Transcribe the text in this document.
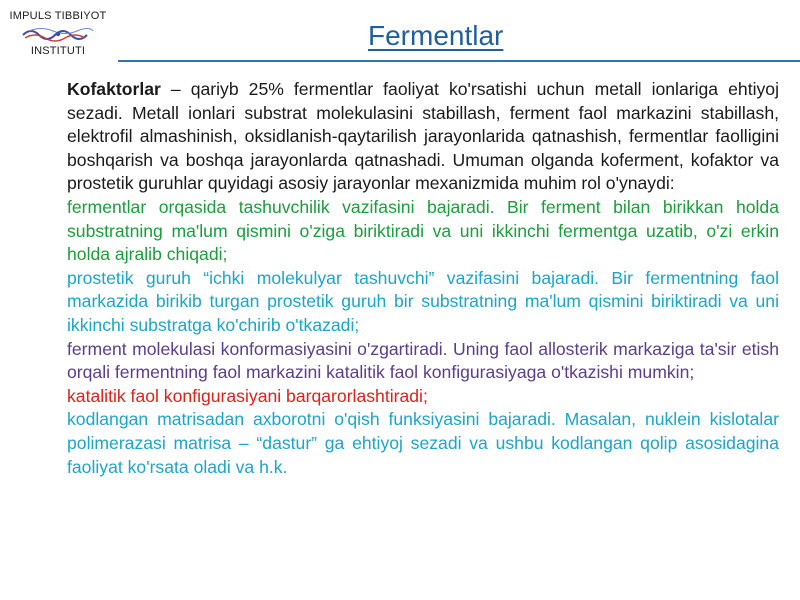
IMPULS TIBBIYOT
INSTITUTI	Fermentlar

Kofaktorlar – qariyb 25% fermentlar faoliyat ko'rsatishi uchun metall ionlariga ehtiyoj sezadi. Metall ionlari substrat molekulasini stabillash, ferment faol markazini stabillash, elektrofil almashinish, oksidlanish-qaytarilish jarayonlarida qatnashish, fermentlar faolligini boshqarish va boshqa jarayonlarda qatnashadi. Umuman olganda koferment, kofaktor va prostetik guruhlar quyidagi asosiy jarayonlar mexanizmida muhim rol o'ynaydi:

fermentlar orqasida tashuvchilik vazifasini bajaradi. Bir ferment bilan birikkan holda substratning ma'lum qismini o'ziga biriktiradi va uni ikkinchi fermentga uzatib, o'zi erkin holda ajralib chiqadi;

prostetik guruh “ichki molekulyar tashuvchi” vazifasini bajaradi. Bir fermentning faol markazida birikib turgan prostetik guruh bir substratning ma'lum qismini biriktiradi va uni ikkinchi substratga ko'chirib o'tkazadi;

ferment molekulasi konformasiyasini o'zgartiradi. Uning faol allosterik markaziga ta'sir etish orqali fermentning faol markazini katalitik faol konfigurasiyaga o'tkazishi mumkin;

katalitik faol konfigurasiyani barqarorlashtiradi;

kodlangan matrisadan axborotni o'qish funksiyasini bajaradi. Masalan, nuklein kislotalar polimerazasi matrisa – “dastur” ga ehtiyoj sezadi va ushbu kodlangan qolip asosidagina faoliyat ko'rsata oladi va h.k.
